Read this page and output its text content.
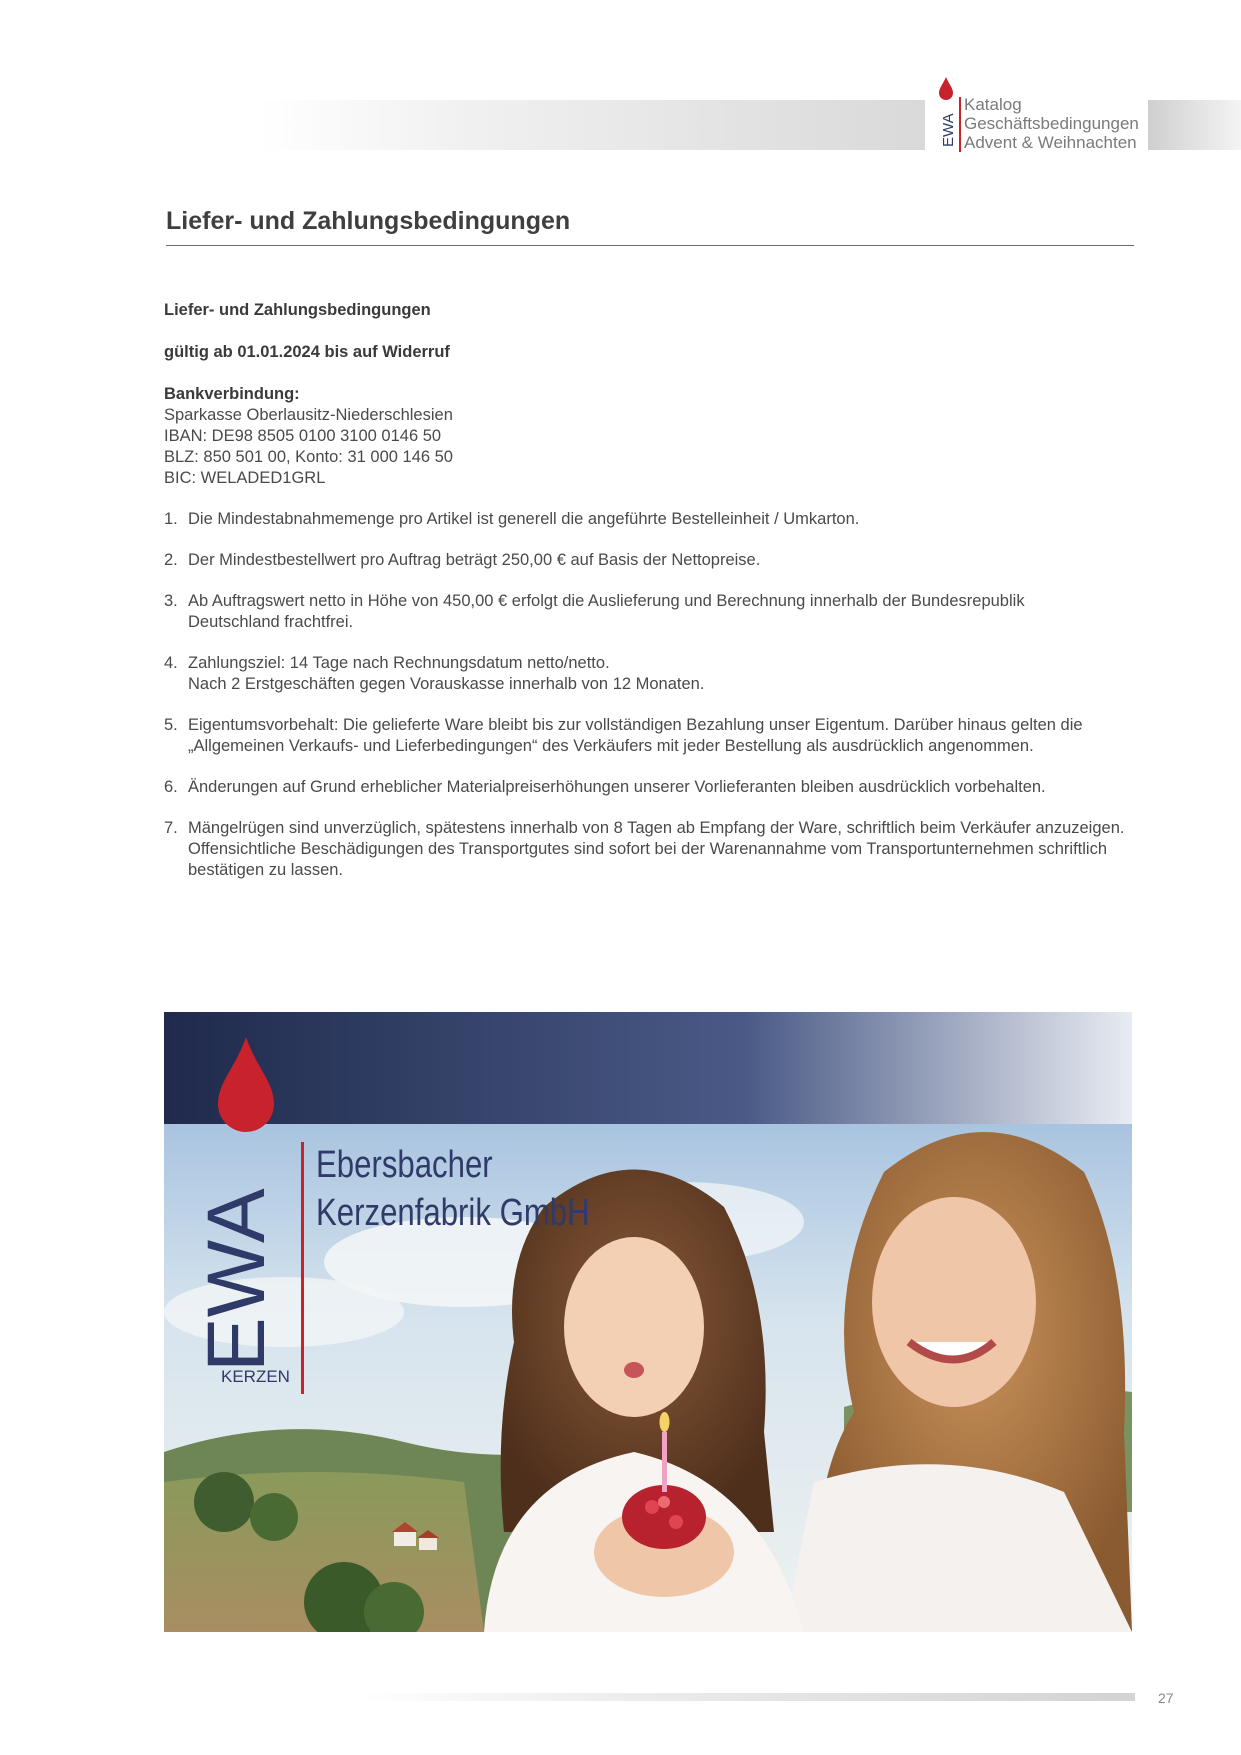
EWA
Katalog
Geschäftsbedingungen
Advent & Weihnachten
Liefer- und Zahlungsbedingungen
Liefer- und Zahlungsbedingungen
gültig ab 01.01.2024 bis auf Widerruf
Bankverbindung:
Sparkasse Oberlausitz-Niederschlesien
IBAN: DE98 8505 0100 3100 0146 50
BLZ: 850 501 00, Konto: 31 000 146 50
BIC: WELADED1GRL
1. Die Mindestabnahmemenge pro Artikel ist generell die angeführte Bestelleinheit / Umkarton.
2. Der Mindestbestellwert pro Auftrag beträgt 250,00 € auf Basis der Nettopreise.
3. Ab Auftragswert netto in Höhe von 450,00 € erfolgt die Auslieferung und Berechnung innerhalb der Bundesrepublik
Deutschland frachtfrei.
4. Zahlungsziel: 14 Tage nach Rechnungsdatum netto/netto.
Nach 2 Erstgeschäften gegen Vorauskasse innerhalb von 12 Monaten.
5. Eigentumsvorbehalt: Die gelieferte Ware bleibt bis zur vollständigen Bezahlung unser Eigentum. Darüber hinaus gelten die
„Allgemeinen Verkaufs- und Lieferbedingungen“ des Verkäufers mit jeder Bestellung als ausdrücklich angenommen.
6. Änderungen auf Grund erheblicher Materialpreiserhöhungen unserer Vorlieferanten bleiben ausdrücklich vorbehalten.
7. Mängelrügen sind unverzüglich, spätestens innerhalb von 8 Tagen ab Empfang der Ware, schriftlich beim Verkäufer anzuzeigen.
Offensichtliche Beschädigungen des Transportgutes sind sofort bei der Warenannahme vom Transportunternehmen schriftlich
bestätigen zu lassen.
EWA
KERZEN
Ebersbacher
Kerzenfabrik GmbH
27
